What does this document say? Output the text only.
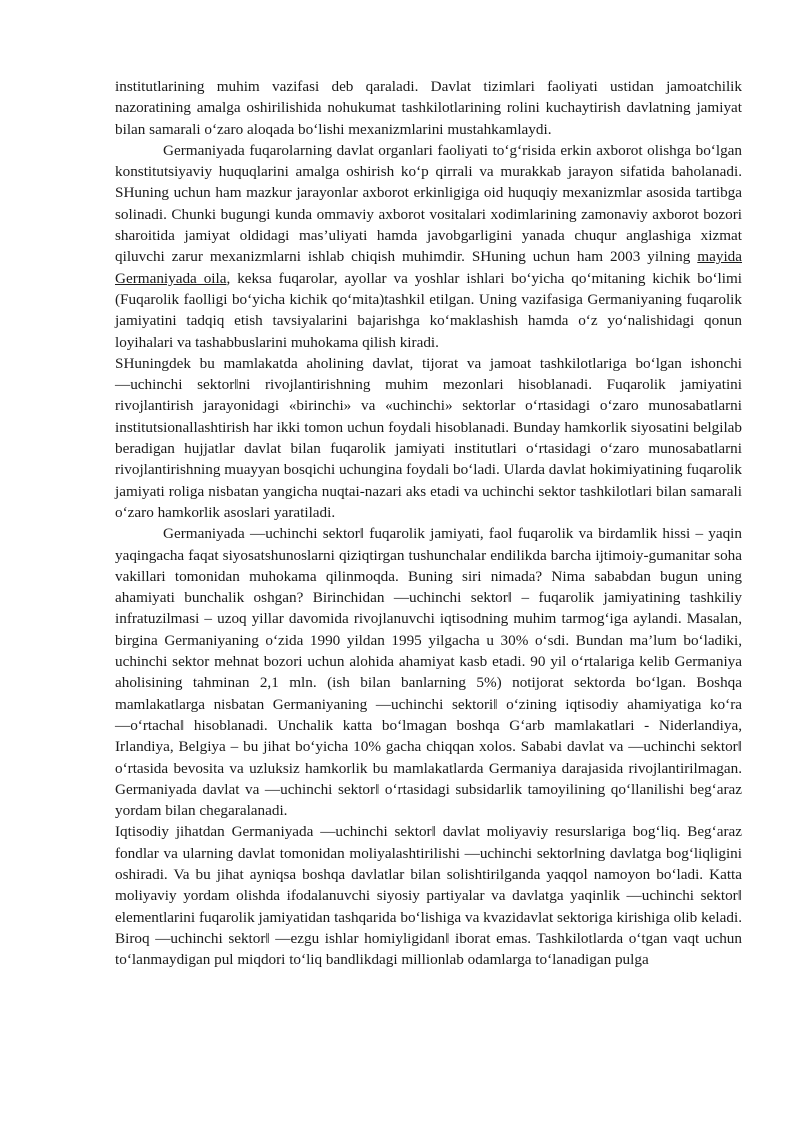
institutlarining muhim vazifasi deb qaraladi. Davlat tizimlari faoliyati ustidan jamoatchilik nazoratining amalga oshirilishida nohukumat tashkilotlarining rolini kuchaytirish davlatning jamiyat bilan samarali oʻzaro aloqada boʻlishi mexanizmlarini mustahkamlaydi.

Germaniyada fuqarolarning davlat organlari faoliyati toʻgʻrisida erkin axborot olishga boʻlgan konstitutsiyaviy huquqlarini amalga oshirish koʻp qirrali va murakkab jarayon sifatida baholanadi. SHuning uchun ham mazkur jarayonlar axborot erkinligiga oid huquqiy mexanizmlar asosida tartibga solinadi. Chunki bugungi kunda ommaviy axborot vositalari xodimlarining zamonaviy axborot bozori sharoitida jamiyat oldidagi mas’uliyati hamda javobgarligini yanada chuqur anglashiga xizmat qiluvchi zarur mexanizmlarni ishlab chiqish muhimdir. SHuning uchun ham 2003 yilning mayida Germaniyada oila, keksa fuqarolar, ayollar va yoshlar ishlari boʻyicha qoʻmitaning kichik boʻlimi (Fuqarolik faolligi boʻyicha kichik qoʻmita)tashkil etilgan. Uning vazifasiga Germaniyaning fuqarolik jamiyatini tadqiq etish tavsiyalarini bajarishga koʻmaklashish hamda oʻz yoʻnalishidagi qonun loyihalari va tashabbuslarini muhokama qilish kiradi.

SHuningdek bu mamlakatda aholining davlat, tijorat va jamoat tashkilotlariga boʻlgan ishonchi ―uchinchi sektor‖ni rivojlantirishning muhim mezonlari hisoblanadi. Fuqarolik jamiyatini rivojlantirish jarayonidagi «birinchi» va «uchinchi» sektorlar oʻrtasidagi oʻzaro munosabatlarni institutsionallashtirish har ikki tomon uchun foydali hisoblanadi. Bunday hamkorlik siyosatini belgilab beradigan hujjatlar davlat bilan fuqarolik jamiyati institutlari oʻrtasidagi oʻzaro munosabatlarni rivojlantirishning muayyan bosqichi uchungina foydali boʻladi. Ularda davlat hokimiyatining fuqarolik jamiyati roliga nisbatan yangicha nuqtai-nazari aks etadi va uchinchi sektor tashkilotlari bilan samarali oʻzaro hamkorlik asoslari yaratiladi.

Germaniyada ―uchinchi sektor‖ fuqarolik jamiyati, faol fuqarolik va birdamlik hissi – yaqin yaqingacha faqat siyosatshunoslarni qiziqtirgan tushunchalar endilikda barcha ijtimoiy-gumanitar soha vakillari tomonidan muhokama qilinmoqda. Buning siri nimada? Nima sababdan bugun uning ahamiyati bunchalik oshgan? Birinchidan ―uchinchi sektor‖ – fuqarolik jamiyatining tashkiliy infratuzilmasi – uzoq yillar davomida rivojlanuvchi iqtisodning muhim tarmogʻiga aylandi. Masalan, birgina Germaniyaning oʻzida 1990 yildan 1995 yilgacha u 30% oʻsdi. Bundan ma’lum boʻladiki, uchinchi sektor mehnat bozori uchun alohida ahamiyat kasb etadi. 90 yil oʻrtalariga kelib Germaniya aholisining tahminan 2,1 mln. (ish bilan banlarning 5%) notijorat sektorda boʻlgan. Boshqa mamlakatlarga nisbatan Germaniyaning ―uchinchi sektori‖ oʻzining iqtisodiy ahamiyatiga koʻra ―oʻrtacha‖ hisoblanadi. Unchalik katta boʻlmagan boshqa Gʻarb mamlakatlari - Niderlandiya, Irlandiya, Belgiya – bu jihat boʻyicha 10% gacha chiqqan xolos. Sababi davlat va ―uchinchi sektor‖ oʻrtasida bevosita va uzluksiz hamkorlik bu mamlakatlarda Germaniya darajasida rivojlantirilmagan. Germaniyada davlat va ―uchinchi sektor‖ oʻrtasidagi subsidarlik tamoyilining qoʻllanilishi begʻaraz yordam bilan chegaralanadi.

Iqtisodiy jihatdan Germaniyada ―uchinchi sektor‖ davlat moliyaviy resurslariga bogʻliq. Begʻaraz fondlar va ularning davlat tomonidan moliyalashtirilishi ―uchinchi sektor‖ning davlatga bogʻliqligini oshiradi. Va bu jihat ayniqsa boshqa davlatlar bilan solishtirilganda yaqqol namoyon boʻladi. Katta moliyaviy yordam olishda ifodalanuvchi siyosiy partiyalar va davlatga yaqinlik ―uchinchi sektor‖ elementlarini fuqarolik jamiyatidan tashqarida boʻlishiga va kvazidavlat sektoriga kirishiga olib keladi. Biroq ―uchinchi sektor‖ ―ezgu ishlar homiyligidan‖ iborat emas. Tashkilotlarda oʻtgan vaqt uchun toʻlanmaydigan pul miqdori toʻliq bandlikdagi millionlab odamlarga toʻlanadigan pulga
